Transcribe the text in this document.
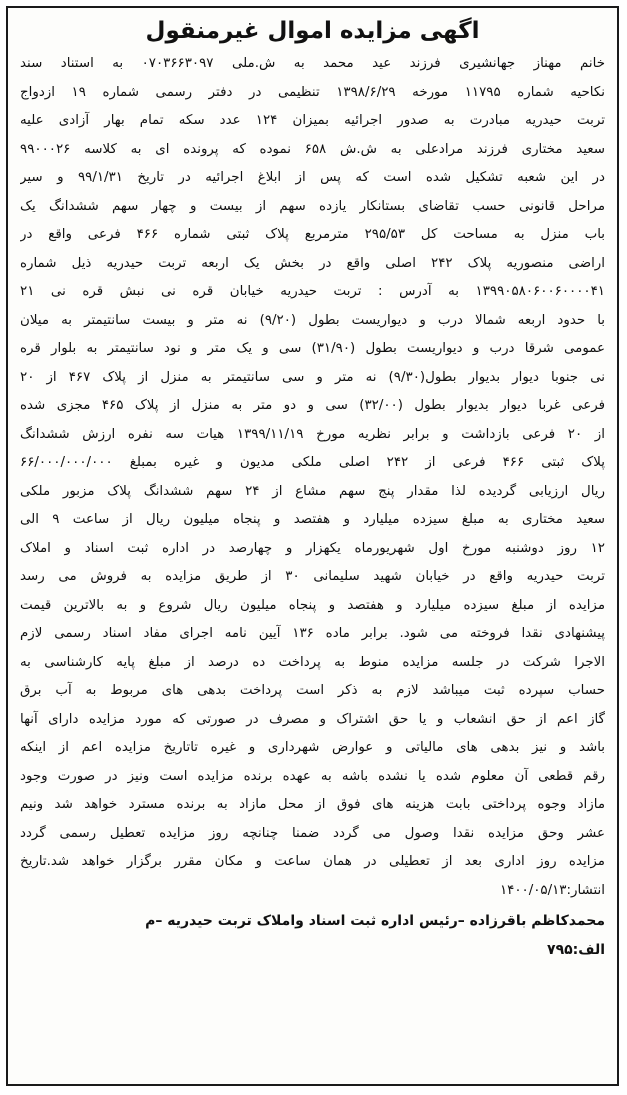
اگهی مزایده اموال غیرمنقول
خانم مهناز جهانشیری فرزند عید محمد به ش.ملی ۰۷۰۳۶۶۳۰۹۷ به استناد سند
نکاحیه شماره ۱۱۷۹۵ مورخه ۱۳۹۸/۶/۲۹ تنظیمی در دفتر رسمی شماره ۱۹ ازدواج
تربت حیدریه مبادرت به صدور اجرائیه بمیزان ۱۲۴ عدد سکه تمام بهار آزادی علیه
سعید مختاری فرزند مرادعلی به ش.ش ۶۵۸ نموده که پرونده ای به کلاسه ۹۹۰۰۰۲۶
در این شعبه تشکیل شده است که پس از ابلاغ اجرائیه در تاریخ ۹۹/۱/۳۱ و سیر
مراحل قانونی حسب تقاضای بستانکار یازده سهم از بیست و چهار سهم ششدانگ یک
باب منزل به مساحت کل ۲۹۵/۵۳ مترمربع پلاک ثبتی شماره ۴۶۶ فرعی واقع در
اراضی منصوریه پلاک ۲۴۲ اصلی واقع در بخش یک اربعه تربت حیدریه ذیل شماره
۱۳۹۹۰۵۸۰۶۰۰۶۰۰۰۰۴۱ به آدرس : تربت حیدریه خیابان قره نی نبش قره نی ۲۱
با حدود اربعه شمالا درب و دیواریست بطول (۹/۲۰) نه متر و بیست سانتیمتر به میلان
عمومی شرقا درب و دیواریست بطول (۳۱/۹۰) سی و یک متر و نود سانتیمتر به بلوار قره
نی جنوبا دیوار بدیوار بطول(۹/۳۰) نه متر و سی سانتیمتر به منزل از پلاک ۴۶۷ از ۲۰
فرعی غربا دیوار بدیوار بطول (۳۲/۰۰) سی و دو متر به منزل از پلاک ۴۶۵ مجزی شده
از ۲۰ فرعی بازداشت و برابر نظریه مورخ ۱۳۹۹/۱۱/۱۹ هیات سه نفره ارزش ششدانگ
پلاک ثبتی ۴۶۶ فرعی از ۲۴۲ اصلی ملکی مدیون و غیره بمبلغ ۶۶/۰۰۰/۰۰۰/۰۰۰
ریال ارزیابی گردیده لذا مقدار پنج سهم مشاع از ۲۴ سهم ششدانگ پلاک مزبور ملکی
سعید مختاری به مبلغ سیزده میلیارد و هفتصد و پنجاه میلیون ریال از ساعت ۹ الی
۱۲ روز دوشنبه مورخ اول شهریورماه یکهزار و چهارصد در اداره ثبت اسناد و املاک
تربت حیدریه واقع در خیابان شهید سلیمانی ۳۰ از طریق مزایده به فروش می رسد
مزایده از مبلغ سیزده میلیارد و هفتصد و پنجاه میلیون ریال شروع و به بالاترین قیمت
پیشنهادی نقدا فروخته می شود. برابر ماده ۱۳۶ آیین نامه اجرای مفاد اسناد رسمی لازم
الاجرا شرکت در جلسه مزایده منوط به پرداخت ده درصد از مبلغ پایه کارشناسی به
حساب سپرده ثبت میباشد لازم به ذکر است پرداخت بدهی های مربوط به آب برق
گاز اعم از حق انشعاب و یا حق اشتراک و مصرف در صورتی که مورد مزایده دارای آنها
باشد و نیز بدهی های مالیاتی و عوارض شهرداری و غیره تاتاریخ مزایده اعم از اینکه
رقم قطعی آن معلوم شده یا نشده باشه به عهده برنده مزایده است ونیز در صورت وجود
مازاد وجوه پرداختی بابت هزینه های فوق از محل مازاد به برنده مسترد خواهد شد ونیم
عشر وحق مزایده نقدا وصول می گردد ضمنا چنانچه روز مزایده تعطیل رسمی گردد
مزایده روز اداری بعد از تعطیلی در همان ساعت و مکان مقرر برگزار خواهد شد.تاریخ
انتشار:۱۴۰۰/۰۵/۱۳
محمدکاظم باقرزاده –رئیس اداره ثبت اسناد واملاک تربت حیدریه –م
الف:۷۹۵
